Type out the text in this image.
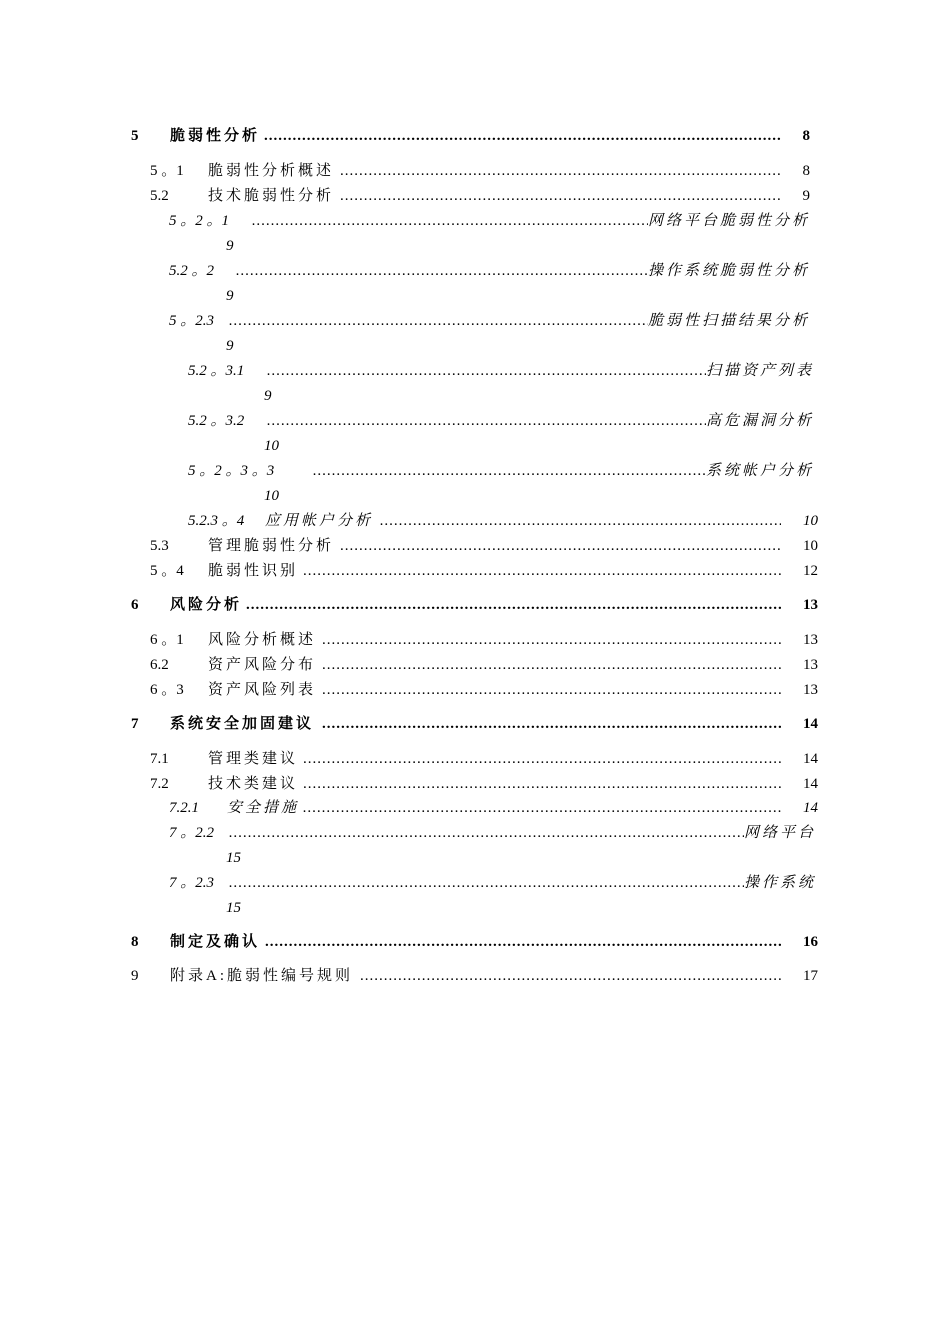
5 脆弱性分析 .....	8
5 。1 脆弱性分析概述 .....	8
5.2	技术脆弱性分析 .....	9
5 。2 。1 .....	网络平台脆弱性分析
9
5.2 。2 .....	操作系统脆弱性分析
9
5 。2.3 .....	脆弱性扫描结果分析
9
5.2 。3.1 .....	扫描资产列表
9
5.2 。3.2 .....	高危漏洞分析
10
5 。2 。3 。3 .....	系统帐户分析
10
5.2.3 。4 应用帐户分析 .....	10
5.3	管理脆弱性分析 .....	10
5 。4 脆弱性识别 .....	12
6 风险分析 .....	13
6 。1 风险分析概述 .....	13
6.2	资产风险分布 .....	13
6 。3 资产风险列表 .....	13
7 系统安全加固建议 .....	14
7.1	管理类建议 .....	14
7.2	技术类建议 .....	14
7.2.1 安全措施 .....	14
7 。2.2 .....	网络平台
15
7 。2.3 .....	操作系统
15
8 制定及确认 .....	16
9 附录A:脆弱性编号规则 .....	17
